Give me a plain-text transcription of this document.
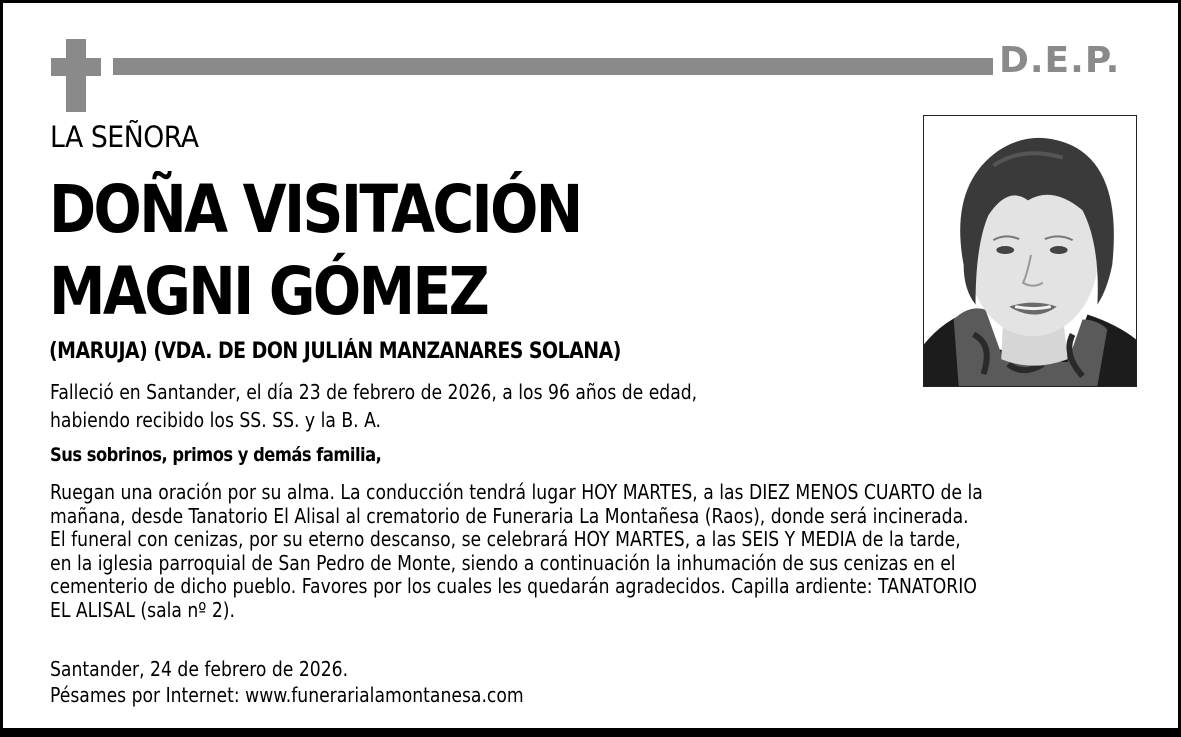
D.E.P.
LA SEÑORA
DOÑA VISITACIÓN
MAGNI GÓMEZ
(MARUJA) (VDA. DE DON JULIÁN MANZANARES SOLANA)
Falleció en Santander, el día 23 de febrero de 2026, a los 96 años de edad,
habiendo recibido los SS. SS. y la B. A.
Sus sobrinos, primos y demás familia,
Ruegan una oración por su alma. La conducción tendrá lugar HOY MARTES, a las DIEZ MENOS CUARTO de la
mañana, desde Tanatorio El Alisal al crematorio de Funeraria La Montañesa (Raos), donde será incinerada.
El funeral con cenizas, por su eterno descanso, se celebrará HOY MARTES, a las SEIS Y MEDIA de la tarde,
en la iglesia parroquial de San Pedro de Monte, siendo a continuación la inhumación de sus cenizas en el
cementerio de dicho pueblo. Favores por los cuales les quedarán agradecidos. Capilla ardiente: TANATORIO
EL ALISAL (sala nº 2).
Santander, 24 de febrero de 2026.
Pésames por Internet: www.funerarialamontanesa.com
